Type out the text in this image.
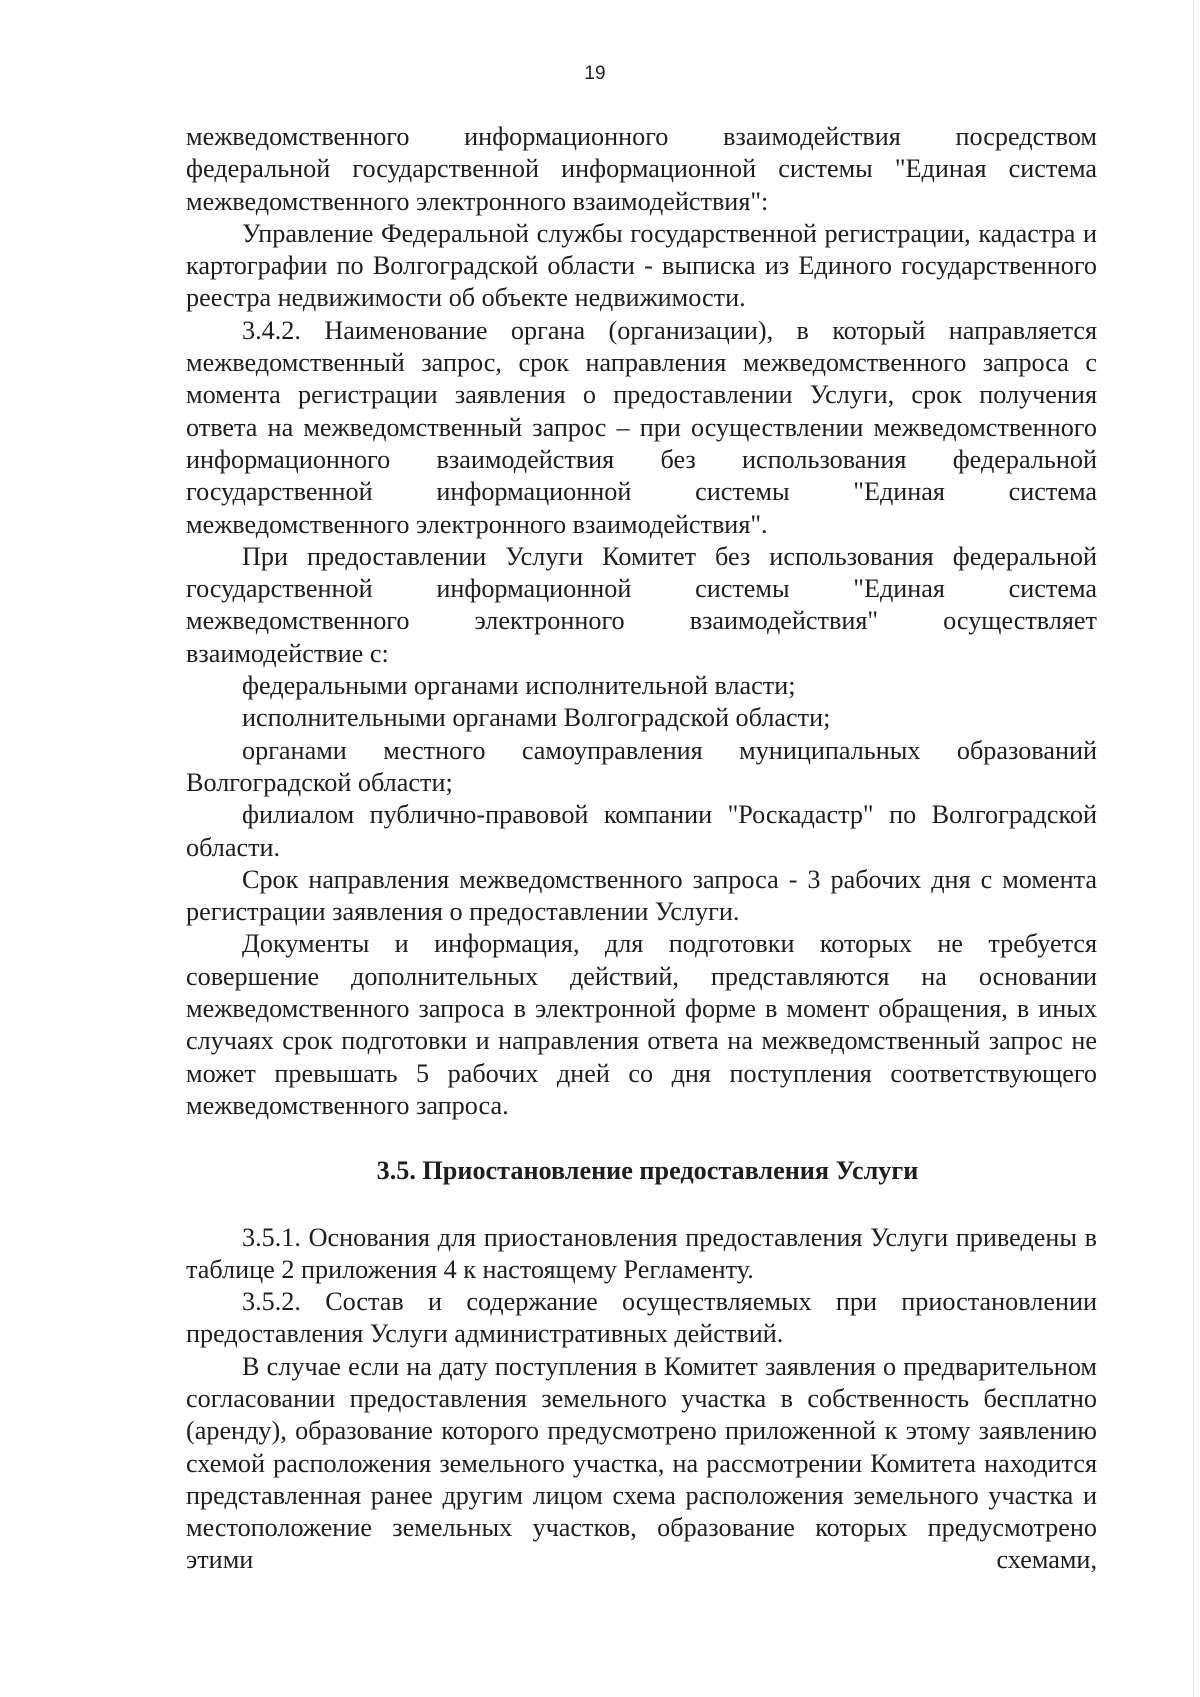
19

межведомственного информационного взаимодействия посредством федеральной государственной информационной системы "Единая система межведомственного электронного взаимодействия":

Управление Федеральной службы государственной регистрации, кадастра и картографии по Волгоградской области - выписка из Единого государственного реестра недвижимости об объекте недвижимости.

3.4.2. Наименование органа (организации), в который направляется межведомственный запрос, срок направления межведомственного запроса с момента регистрации заявления о предоставлении Услуги, срок получения ответа на межведомственный запрос – при осуществлении межведомственного информационного взаимодействия без использования федеральной государственной информационной системы "Единая система межведомственного электронного взаимодействия".

При предоставлении Услуги Комитет без использования федеральной государственной информационной системы "Единая система межведомственного электронного взаимодействия" осуществляет взаимодействие с:

федеральными органами исполнительной власти;

исполнительными органами Волгоградской области;

органами местного самоуправления муниципальных образований Волгоградской области;

филиалом публично-правовой компании "Роскадастр" по Волгоградской области.

Срок направления межведомственного запроса - 3 рабочих дня с момента регистрации заявления о предоставлении Услуги.

Документы и информация, для подготовки которых не требуется совершение дополнительных действий, представляются на основании межведомственного запроса в электронной форме в момент обращения, в иных случаях срок подготовки и направления ответа на межведомственный запрос не может превышать 5 рабочих дней со дня поступления соответствующего межведомственного запроса.

3.5. Приостановление предоставления Услуги

3.5.1. Основания для приостановления предоставления Услуги приведены в таблице 2 приложения 4 к настоящему Регламенту.

3.5.2. Состав и содержание осуществляемых при приостановлении предоставления Услуги административных действий.

В случае если на дату поступления в Комитет заявления о предварительном согласовании предоставления земельного участка в собственность бесплатно (аренду), образование которого предусмотрено приложенной к этому заявлению схемой расположения земельного участка, на рассмотрении Комитета находится представленная ранее другим лицом схема расположения земельного участка и местоположение земельных участков, образование которых предусмотрено этими схемами,
